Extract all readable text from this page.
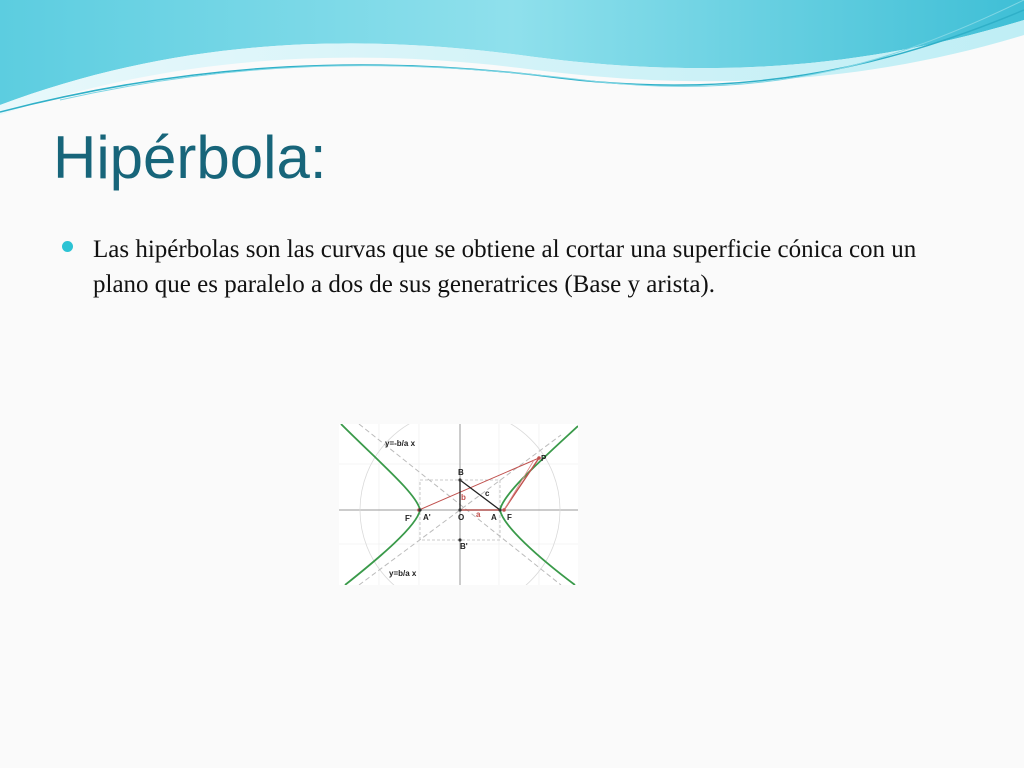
Hipérbola:
Las hipérbolas son las curvas que se obtiene al cortar una superficie cónica con un plano que es paralelo a dos de sus generatrices (Base y arista).
y=-b/a x
y=b/a x
B
B'
O	A
A'	F
F'
P
a
b c
